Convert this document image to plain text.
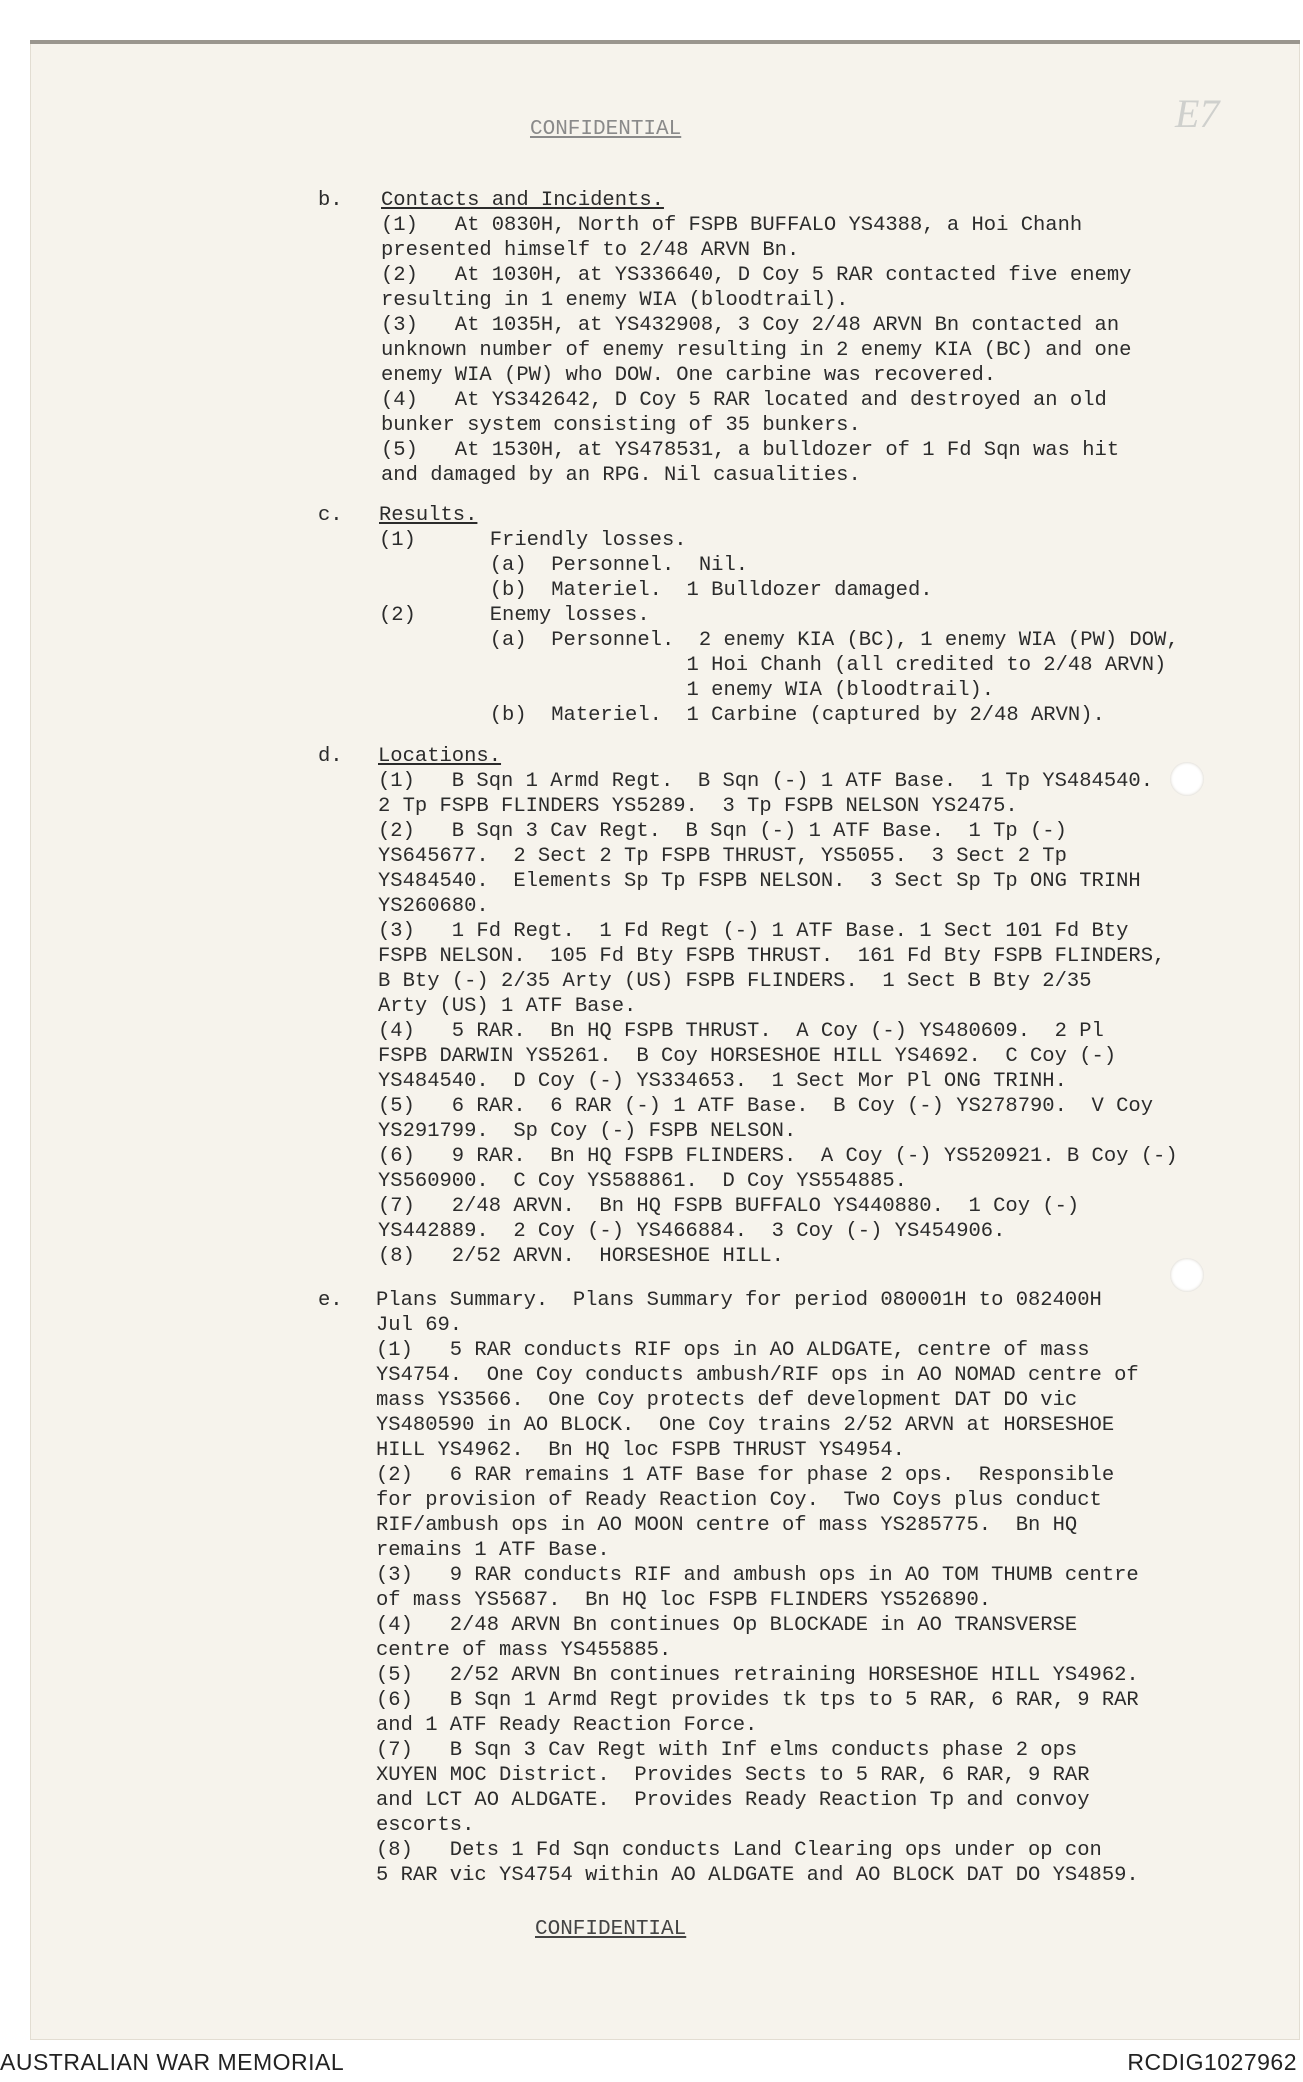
E7
CONFIDENTIAL
b.
c.
d.
e.
Contacts and Incidents.
(1)   At 0830H, North of FSPB BUFFALO YS4388, a Hoi Chanh
presented himself to 2/48 ARVN Bn.
(2)   At 1030H, at YS336640, D Coy 5 RAR contacted five enemy
resulting in 1 enemy WIA (bloodtrail).
(3)   At 1035H, at YS432908, 3 Coy 2/48 ARVN Bn contacted an
unknown number of enemy resulting in 2 enemy KIA (BC) and one
enemy WIA (PW) who DOW. One carbine was recovered.
(4)   At YS342642, D Coy 5 RAR located and destroyed an old
bunker system consisting of 35 bunkers.
(5)   At 1530H, at YS478531, a bulldozer of 1 Fd Sqn was hit
and damaged by an RPG. Nil casualities.
Results.
(1)      Friendly losses.
(a)  Personnel.  Nil.
(b)  Materiel.  1 Bulldozer damaged.
(2)      Enemy losses.
(a)  Personnel.  2 enemy KIA (BC), 1 enemy WIA (PW) DOW,
1 Hoi Chanh (all credited to 2/48 ARVN)
1 enemy WIA (bloodtrail).
(b)  Materiel.  1 Carbine (captured by 2/48 ARVN).
Locations.
(1)   B Sqn 1 Armd Regt.  B Sqn (-) 1 ATF Base.  1 Tp YS484540.
2 Tp FSPB FLINDERS YS5289.  3 Tp FSPB NELSON YS2475.
(2)   B Sqn 3 Cav Regt.  B Sqn (-) 1 ATF Base.  1 Tp (-)
YS645677.  2 Sect 2 Tp FSPB THRUST, YS5055.  3 Sect 2 Tp
YS484540.  Elements Sp Tp FSPB NELSON.  3 Sect Sp Tp ONG TRINH
YS260680.
(3)   1 Fd Regt.  1 Fd Regt (-) 1 ATF Base. 1 Sect 101 Fd Bty
FSPB NELSON.  105 Fd Bty FSPB THRUST.  161 Fd Bty FSPB FLINDERS,
B Bty (-) 2/35 Arty (US) FSPB FLINDERS.  1 Sect B Bty 2/35
Arty (US) 1 ATF Base.
(4)   5 RAR.  Bn HQ FSPB THRUST.  A Coy (-) YS480609.  2 Pl
FSPB DARWIN YS5261.  B Coy HORSESHOE HILL YS4692.  C Coy (-)
YS484540.  D Coy (-) YS334653.  1 Sect Mor Pl ONG TRINH.
(5)   6 RAR.  6 RAR (-) 1 ATF Base.  B Coy (-) YS278790.  V Coy
YS291799.  Sp Coy (-) FSPB NELSON.
(6)   9 RAR.  Bn HQ FSPB FLINDERS.  A Coy (-) YS520921. B Coy (-)
YS560900.  C Coy YS588861.  D Coy YS554885.
(7)   2/48 ARVN.  Bn HQ FSPB BUFFALO YS440880.  1 Coy (-)
YS442889.  2 Coy (-) YS466884.  3 Coy (-) YS454906.
(8)   2/52 ARVN.  HORSESHOE HILL.
Plans Summary.  Plans Summary for period 080001H to 082400H
Jul 69.
(1)   5 RAR conducts RIF ops in AO ALDGATE, centre of mass
YS4754.  One Coy conducts ambush/RIF ops in AO NOMAD centre of
mass YS3566.  One Coy protects def development DAT DO vic
YS480590 in AO BLOCK.  One Coy trains 2/52 ARVN at HORSESHOE
HILL YS4962.  Bn HQ loc FSPB THRUST YS4954.
(2)   6 RAR remains 1 ATF Base for phase 2 ops.  Responsible
for provision of Ready Reaction Coy.  Two Coys plus conduct
RIF/ambush ops in AO MOON centre of mass YS285775.  Bn HQ
remains 1 ATF Base.
(3)   9 RAR conducts RIF and ambush ops in AO TOM THUMB centre
of mass YS5687.  Bn HQ loc FSPB FLINDERS YS526890.
(4)   2/48 ARVN Bn continues Op BLOCKADE in AO TRANSVERSE
centre of mass YS455885.
(5)   2/52 ARVN Bn continues retraining HORSESHOE HILL YS4962.
(6)   B Sqn 1 Armd Regt provides tk tps to 5 RAR, 6 RAR, 9 RAR
and 1 ATF Ready Reaction Force.
(7)   B Sqn 3 Cav Regt with Inf elms conducts phase 2 ops
XUYEN MOC District.  Provides Sects to 5 RAR, 6 RAR, 9 RAR
and LCT AO ALDGATE.  Provides Ready Reaction Tp and convoy
escorts.
(8)   Dets 1 Fd Sqn conducts Land Clearing ops under op con
5 RAR vic YS4754 within AO ALDGATE and AO BLOCK DAT DO YS4859.
CONFIDENTIAL
AUSTRALIAN WAR MEMORIAL	RCDIG1027962
